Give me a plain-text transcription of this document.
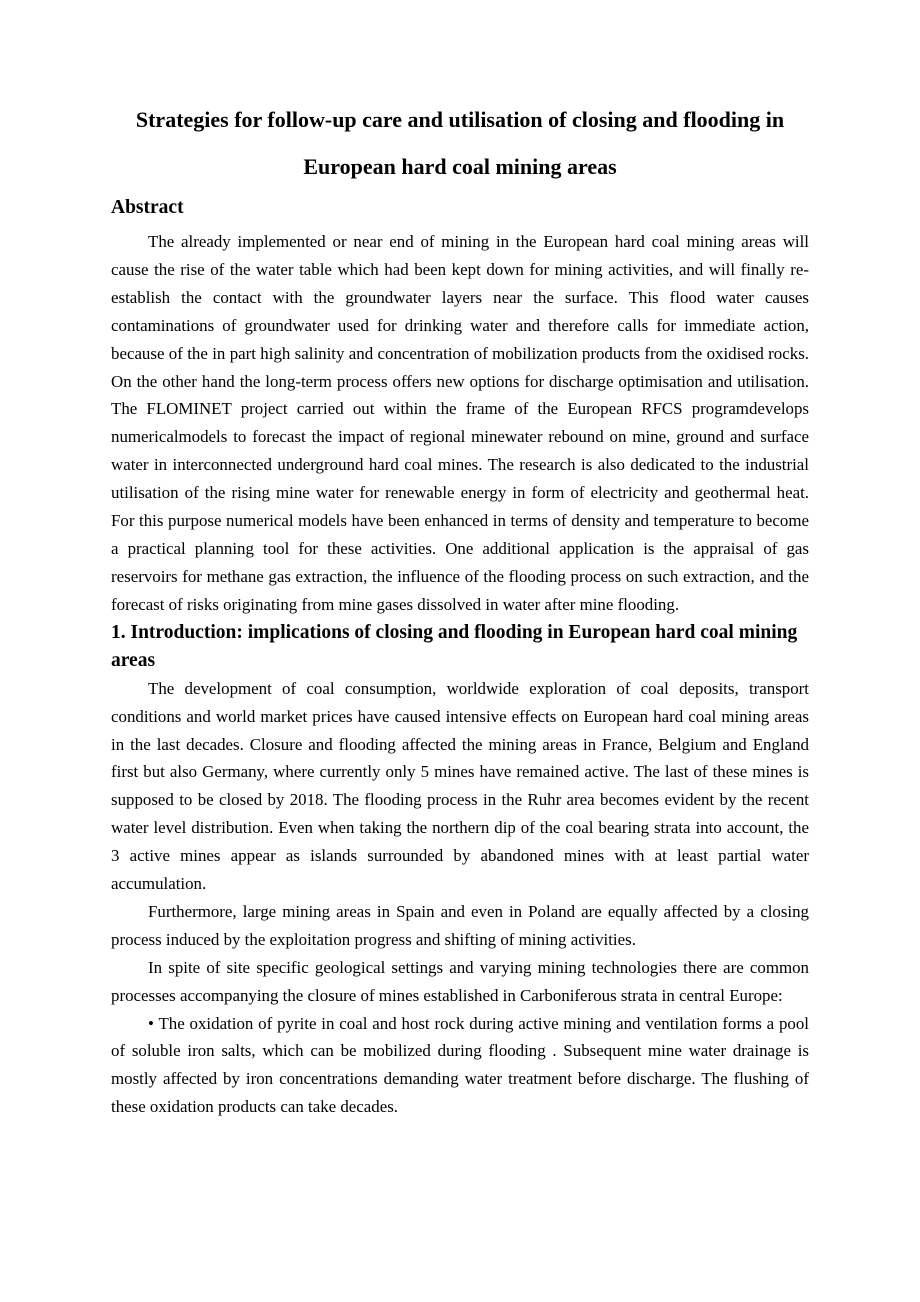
Strategies for follow-up care and utilisation of closing and flooding in European hard coal mining areas
Abstract

The already implemented or near end of mining in the European hard coal mining areas will cause the rise of the water table which had been kept down for mining activities, and will finally re-establish the contact with the groundwater layers near the surface. This flood water causes contaminations of groundwater used for drinking water and therefore calls for immediate action, because of the in part high salinity and concentration of mobilization products from the oxidised rocks. On the other hand the long-term process offers new options for discharge optimisation and utilisation. The FLOMINET project carried out within the frame of the European RFCS programdevelops numericalmodels to forecast the impact of regional minewater rebound on mine, ground and surface water in interconnected underground hard coal mines. The research is also dedicated to the industrial utilisation of the rising mine water for renewable energy in form of electricity and geothermal heat. For this purpose numerical models have been enhanced in terms of density and temperature to become a practical planning tool for these activities. One additional application is the appraisal of gas reservoirs for methane gas extraction, the influence of the flooding process on such extraction, and the forecast of risks originating from mine gases dissolved in water after mine flooding.

1. Introduction: implications of closing and flooding in European hard coal mining areas

The development of coal consumption, worldwide exploration of coal deposits, transport conditions and world market prices have caused intensive effects on European hard coal mining areas in the last decades. Closure and flooding affected the mining areas in France, Belgium and England first but also Germany, where currently only 5 mines have remained active. The last of these mines is supposed to be closed by 2018. The flooding process in the Ruhr area becomes evident by the recent water level distribution. Even when taking the northern dip of the coal bearing strata into account, the 3 active mines appear as islands surrounded by abandoned mines with at least partial water accumulation.

Furthermore, large mining areas in Spain and even in Poland are equally affected by a closing process induced by the exploitation progress and shifting of mining activities.

In spite of site specific geological settings and varying mining technologies there are common processes accompanying the closure of mines established in Carboniferous strata in central Europe:

• The oxidation of pyrite in coal and host rock during active mining and ventilation forms a pool of soluble iron salts, which can be mobilized during flooding . Subsequent mine water drainage is mostly affected by iron concentrations demanding water treatment before discharge. The flushing of these oxidation products can take decades.
